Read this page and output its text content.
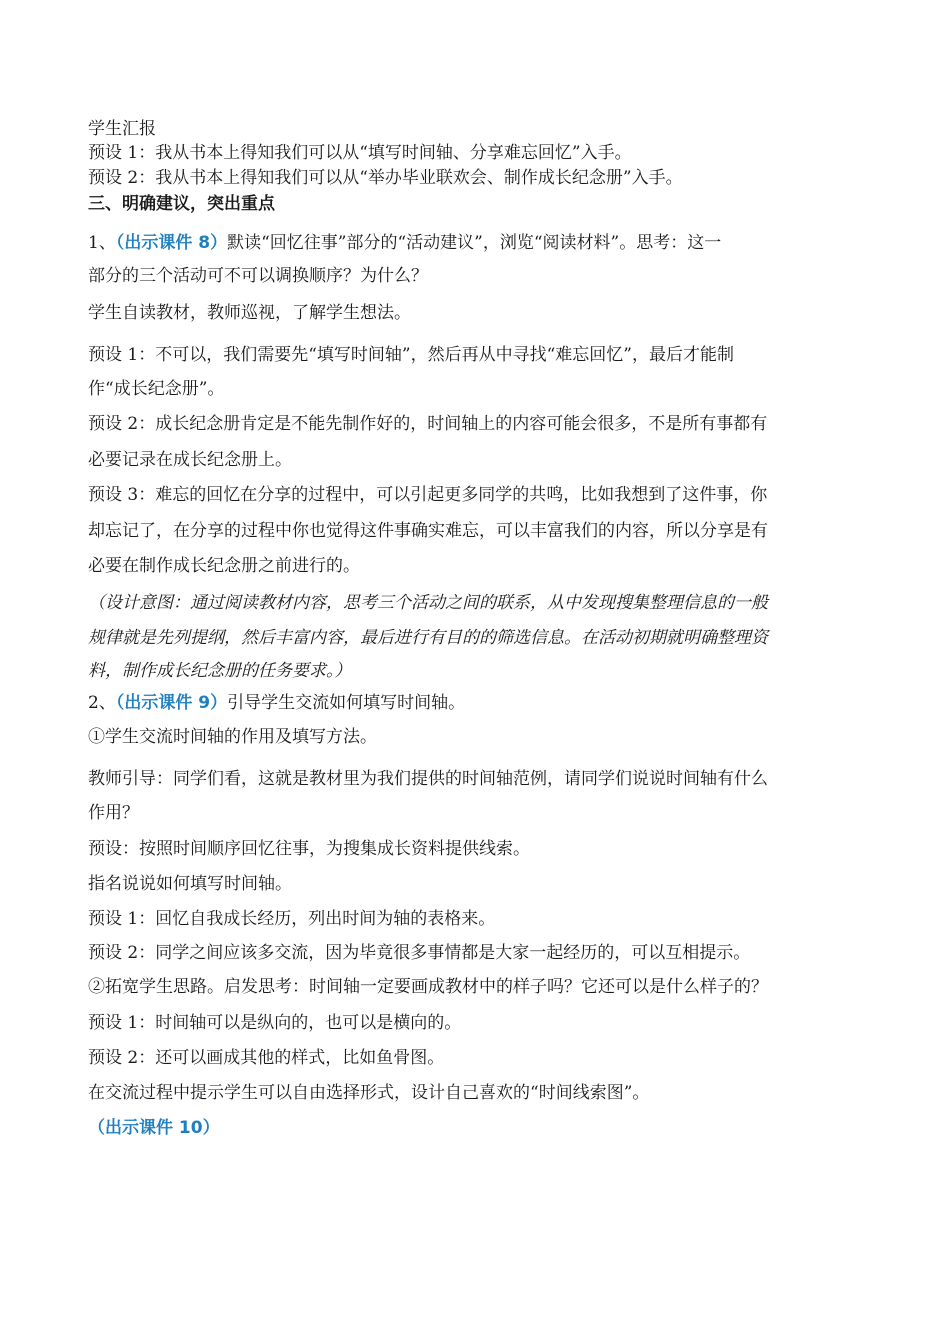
学生汇报
预设 1：我从书本上得知我们可以从“填写时间轴、分享难忘回忆”入手。
预设 2：我从书本上得知我们可以从“举办毕业联欢会、制作成长纪念册”入手。
三、明确建议，突出重点
1、（出示课件 8）默读“回忆往事”部分的“活动建议”，浏览“阅读材料”。思考：这一
部分的三个活动可不可以调换顺序？为什么？
学生自读教材，教师巡视，了解学生想法。
预设 1：不可以，我们需要先“填写时间轴”，然后再从中寻找“难忘回忆”，最后才能制
作“成长纪念册”。
预设 2：成长纪念册肯定是不能先制作好的，时间轴上的内容可能会很多，不是所有事都有
必要记录在成长纪念册上。
预设 3：难忘的回忆在分享的过程中，可以引起更多同学的共鸣，比如我想到了这件事，你
却忘记了，在分享的过程中你也觉得这件事确实难忘，可以丰富我们的内容，所以分享是有
必要在制作成长纪念册之前进行的。
（设计意图：通过阅读教材内容，思考三个活动之间的联系，从中发现搜集整理信息的一般
规律就是先列提纲，然后丰富内容，最后进行有目的的筛选信息。在活动初期就明确整理资
料，制作成长纪念册的任务要求。）
2、（出示课件 9）引导学生交流如何填写时间轴。
①学生交流时间轴的作用及填写方法。
教师引导：同学们看，这就是教材里为我们提供的时间轴范例，请同学们说说时间轴有什么
作用？
预设：按照时间顺序回忆往事，为搜集成长资料提供线索。
指名说说如何填写时间轴。
预设 1：回忆自我成长经历，列出时间为轴的表格来。
预设 2：同学之间应该多交流，因为毕竟很多事情都是大家一起经历的，可以互相提示。
②拓宽学生思路。启发思考：时间轴一定要画成教材中的样子吗？它还可以是什么样子的？
预设 1：时间轴可以是纵向的，也可以是横向的。
预设 2：还可以画成其他的样式，比如鱼骨图。
在交流过程中提示学生可以自由选择形式，设计自己喜欢的“时间线索图”。
（出示课件 10）
